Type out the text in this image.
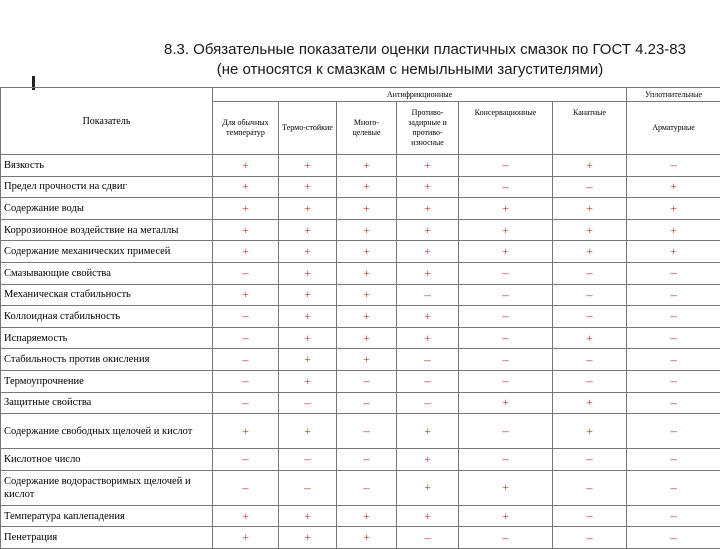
8.3. Обязательные показатели оценки пластичных смазок по ГОСТ 4.23-83
(не относятся к смазкам с немыльными загустителями)
Показатель	Антифрикционные						Уплотнительные
	Для обычных температур	Термо-стойкие	Много-целевые	Противо-задирные и противо-износные	Консервационные	Канатные	Арматурные
Вязкость	+	+	+	+	–	+	–
Предел прочности на сдвиг	+	+	+	+	–	–	+
Содержание воды	+	+	+	+	+	+	+
Коррозионное воздействие на металлы	+	+	+	+	+	+	+
Содержание механических примесей	+	+	+	+	+	+	+
Смазывающие свойства	–	+	+	+	–	–	–
Механическая стабильность	+	+	+	–	–	–	–
Коллоидная стабильность	–	+	+	+	–	–	–
Испаряемость	–	+	+	+	–	+	–
Стабильность против окисления	–	+	+	–	–	–	–
Термоупрочнение	–	+	–	–	–	–	–
Защитные свойства	–	–	–	–	+	+	–
Содержание свободных щелочей и кислот	+	+	–	+	–	+	–
Кислотное число	–	–	–	+	–	–	–
Содержание водорастворимых щелочей и кислот	–	–	–	+	+	–	–
Температура каплепадения	+	+	+	+	+	–	–
Пенетрация	+	+	+	–	–	–	–
